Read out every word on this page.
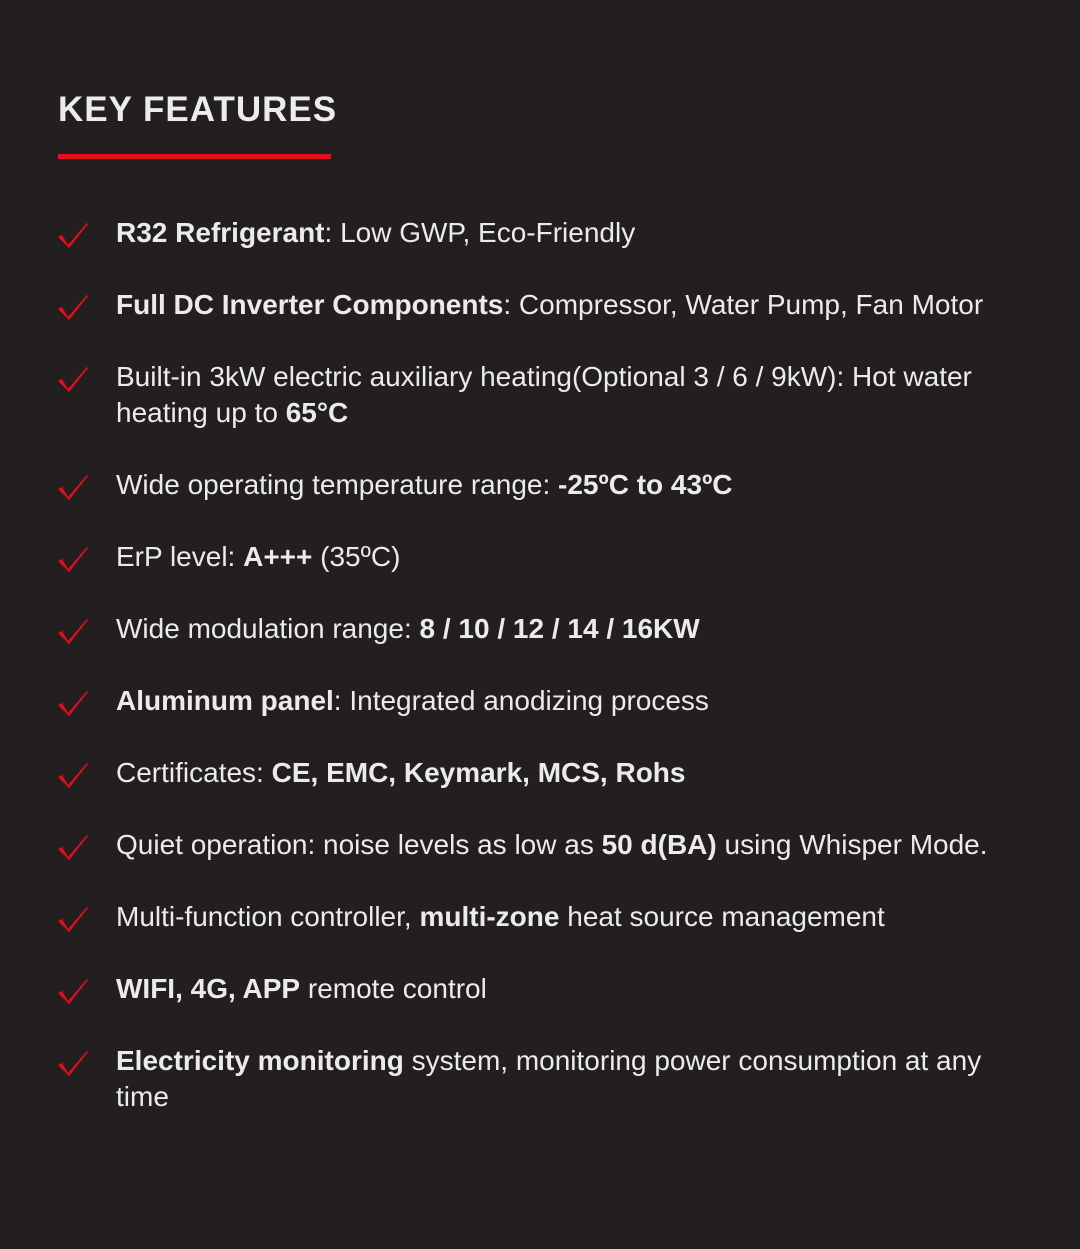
KEY FEATURES
R32 Refrigerant: Low GWP, Eco-Friendly
Full DC Inverter Components: Compressor, Water Pump, Fan Motor
Built-in 3kW electric auxiliary heating(Optional 3 / 6 / 9kW): Hot water heating up to 65°C
Wide operating temperature range: -25ºC to 43ºC
ErP level: A+++ (35ºC)
Wide modulation range: 8 / 10 / 12 / 14 / 16KW
Aluminum panel: Integrated anodizing process
Certificates: CE, EMC, Keymark, MCS, Rohs
Quiet operation: noise levels as low as 50 d(BA) using Whisper Mode.
Multi-function controller, multi-zone heat source management
WIFI, 4G, APP remote control
Electricity monitoring system, monitoring power consumption at any time
